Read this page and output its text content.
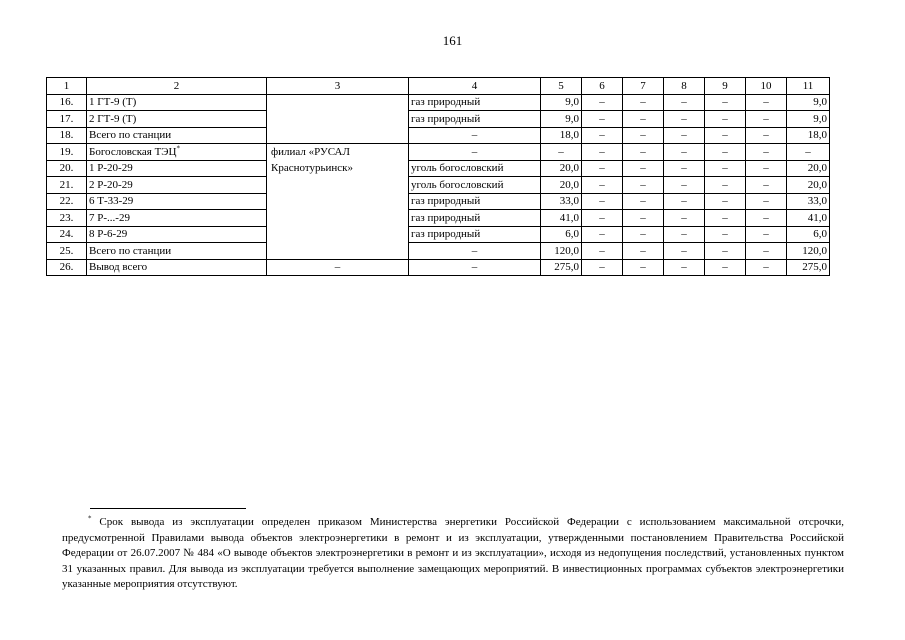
161
1	2	3	4	5	6	7	8	9	10	11
16.	1 ГТ-9 (Т)		газ природный	9,0	–	–	–	–	–	9,0
17.	2 ГТ-9 (Т)		газ природный	9,0	–	–	–	–	–	9,0
18.	Всего по станции		–	18,0	–	–	–	–	–	18,0
19.	Богословская ТЭЦ*	филиал «РУСАЛ Краснотурьинск»	–	–	–	–	–	–	–	–
20.	1 Р-20-29		уголь богословский	20,0	–	–	–	–	–	20,0
21.	2 Р-20-29		уголь богословский	20,0	–	–	–	–	–	20,0
22.	6 Т-33-29		газ природный	33,0	–	–	–	–	–	33,0
23.	7 Р-...-29		газ природный	41,0	–	–	–	–	–	41,0
24.	8 Р-6-29		газ природный	6,0	–	–	–	–	–	6,0
25.	Всего по станции		–	120,0	–	–	–	–	–	120,0
26.	Вывод всего	–	–	275,0	–	–	–	–	–	275,0
* Срок вывода из эксплуатации определен приказом Министерства энергетики Российской Федерации с использованием максимальной отсрочки, предусмотренной Правилами вывода объектов электроэнергетики в ремонт и из эксплуатации, утвержденными постановлением Правительства Российской Федерации от 26.07.2007 № 484 «О выводе объектов электроэнергетики в ремонт и из эксплуатации», исходя из недопущения последствий, установленных пунктом 31 указанных правил. Для вывода из эксплуатации требуется выполнение замещающих мероприятий. В инвестиционных программах субъектов электроэнергетики указанные мероприятия отсутствуют.
